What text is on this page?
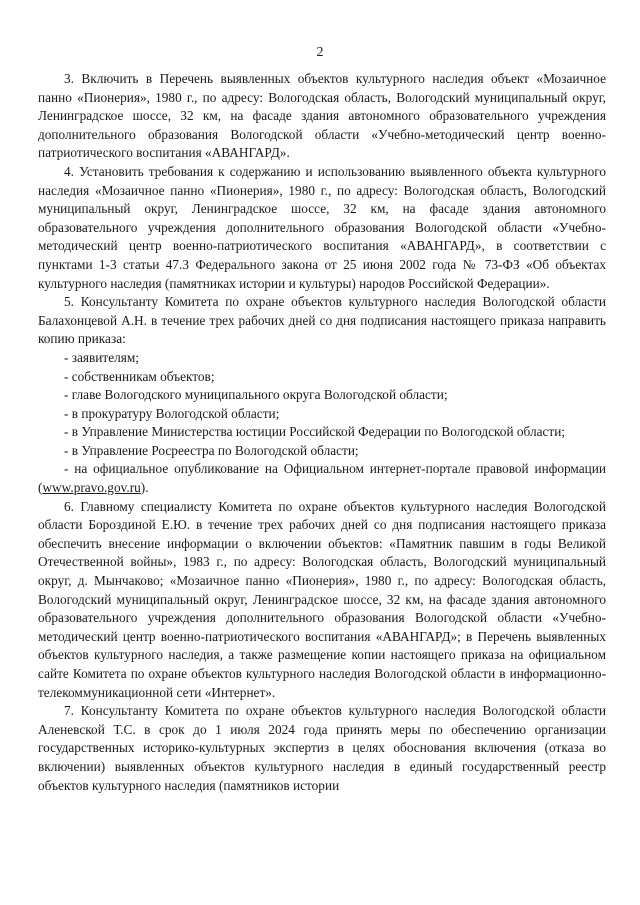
2

3. Включить в Перечень выявленных объектов культурного наследия объект «Мозаичное панно «Пионерия», 1980 г., по адресу: Вологодская область, Вологодский муниципальный округ, Ленинградское шоссе, 32 км, на фасаде здания автономного образовательного учреждения дополнительного образования Вологодской области «Учебно-методический центр военно-патриотического воспитания «АВАНГАРД».

4. Установить требования к содержанию и использованию выявленного объекта культурного наследия «Мозаичное панно «Пионерия», 1980 г., по адресу: Вологодская область, Вологодский муниципальный округ, Ленинградское шоссе, 32 км, на фасаде здания автономного образовательного учреждения дополнительного образования Вологодской области «Учебно-методический центр военно-патриотического воспитания «АВАНГАРД», в соответствии с пунктами 1-3 статьи 47.3 Федерального закона от 25 июня 2002 года № 73-ФЗ «Об объектах культурного наследия (памятниках истории и культуры) народов Российской Федерации».

5. Консультанту Комитета по охране объектов культурного наследия Вологодской области Балахонцевой А.Н. в течение трех рабочих дней со дня подписания настоящего приказа направить копию приказа:

- заявителям;

- собственникам объектов;

- главе Вологодского муниципального округа Вологодской области;

- в прокуратуру Вологодской области;

- в Управление Министерства юстиции Российской Федерации по Вологодской области;

- в Управление Росреестра по Вологодской области;

- на официальное опубликование на Официальном интернет-портале правовой информации (www.pravo.gov.ru).

6. Главному специалисту Комитета по охране объектов культурного наследия Вологодской области Бороздиной Е.Ю. в течение трех рабочих дней со дня подписания настоящего приказа обеспечить внесение информации о включении объектов: «Памятник павшим в годы Великой Отечественной войны», 1983 г., по адресу: Вологодская область, Вологодский муниципальный округ, д. Мынчаково; «Мозаичное панно «Пионерия», 1980 г., по адресу: Вологодская область, Вологодский муниципальный округ, Ленинградское шоссе, 32 км, на фасаде здания автономного образовательного учреждения дополнительного образования Вологодской области «Учебно-методический центр военно-патриотического воспитания «АВАНГАРД»; в Перечень выявленных объектов культурного наследия, а также размещение копии настоящего приказа на официальном сайте Комитета по охране объектов культурного наследия Вологодской области в информационно-телекоммуникационной сети «Интернет».

7. Консультанту Комитета по охране объектов культурного наследия Вологодской области Аленевской Т.С. в срок до 1 июля 2024 года принять меры по обеспечению организации государственных историко-культурных экспертиз в целях обоснования включения (отказа во включении) выявленных объектов культурного наследия в единый государственный реестр объектов культурного наследия (памятников истории
